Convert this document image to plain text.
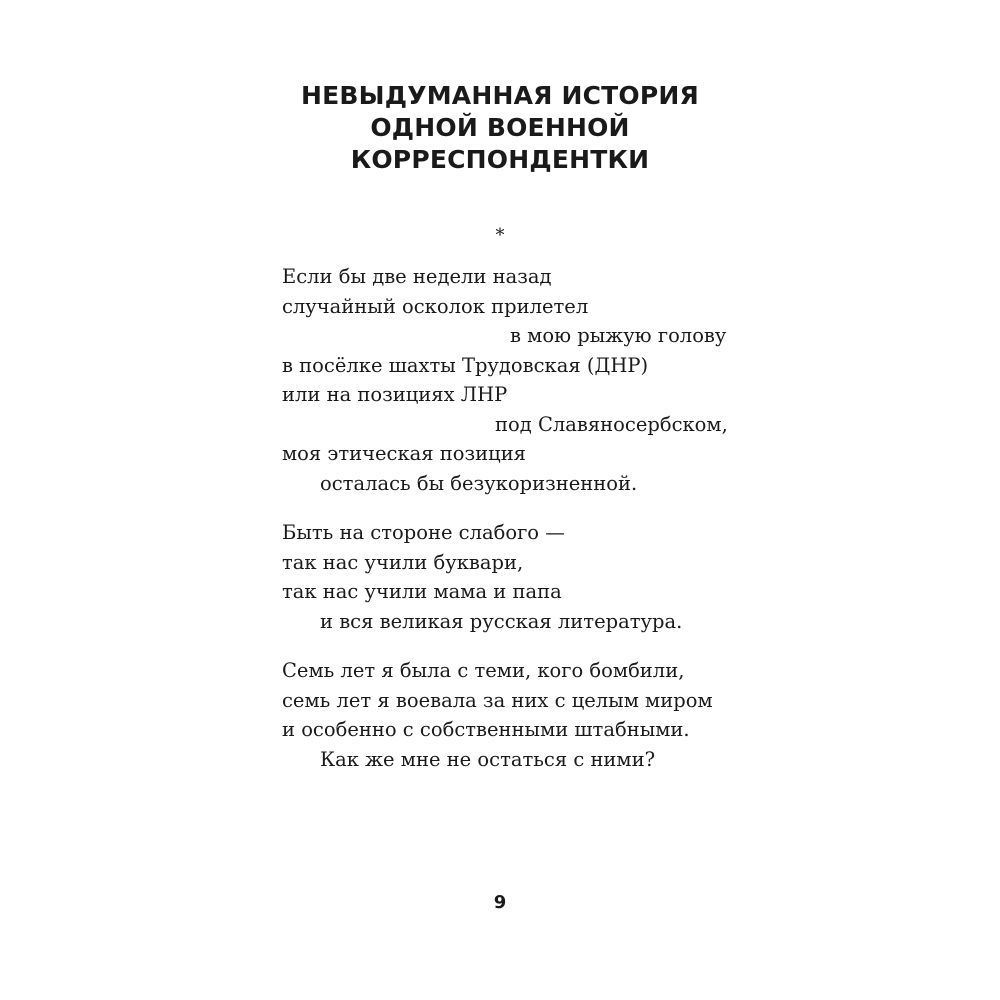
НЕВЫДУМАННАЯ ИСТОРИЯ
ОДНОЙ ВОЕННОЙ
КОРРЕСПОНДЕНТКИ
*
Если бы две недели назад
случайный осколок прилетел
в мою рыжую голову
в посёлке шахты Трудовская (ДНР)
или на позициях ЛНР
под Славяносербском,
моя этическая позиция
осталась бы безукоризненной.
Быть на стороне слабого —
так нас учили буквари,
так нас учили мама и папа
и вся великая русская литература.
Семь лет я была с теми, кого бомбили,
семь лет я воевала за них с целым миром
и особенно с собственными штабными.
Как же мне не остаться с ними?
9
